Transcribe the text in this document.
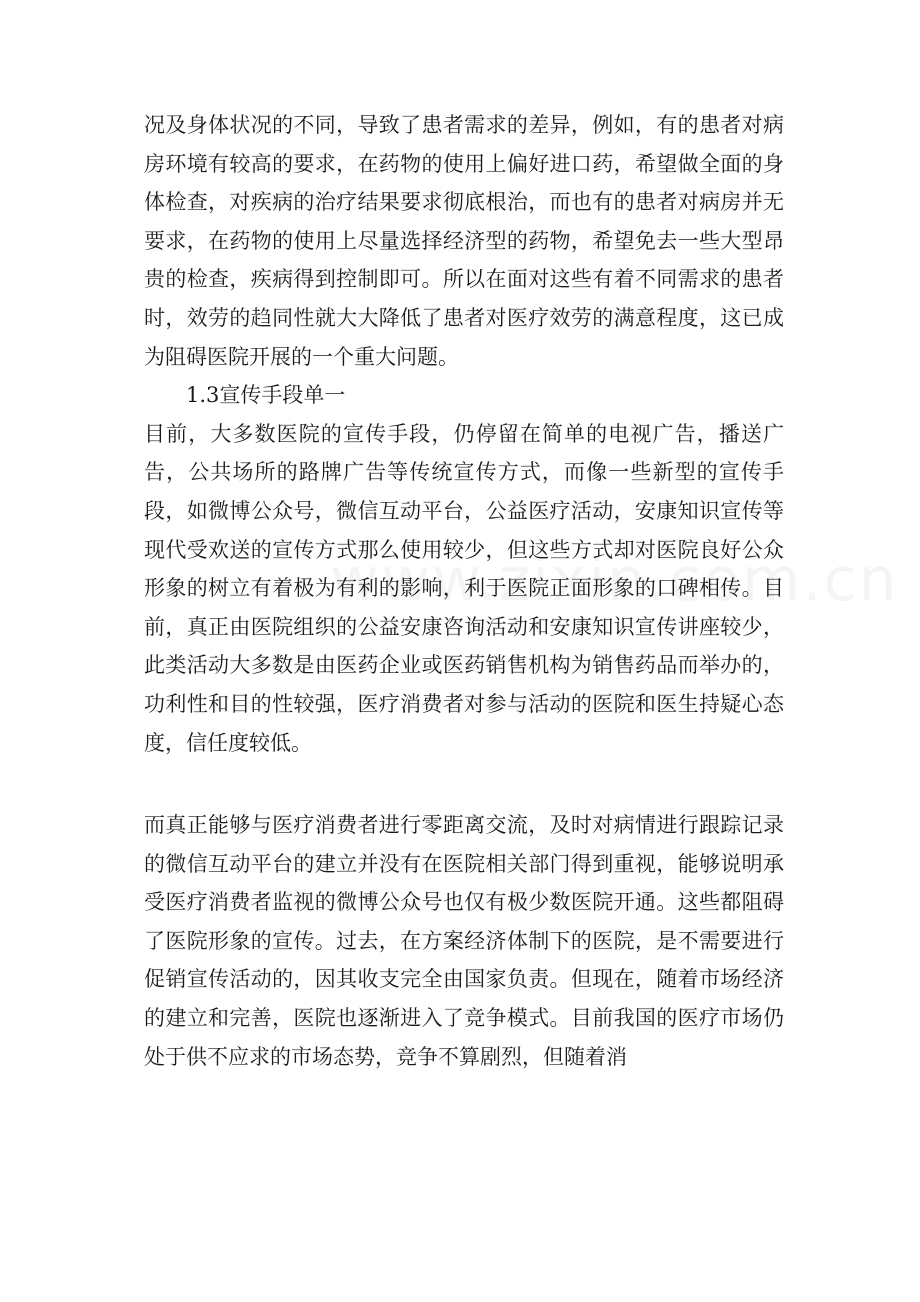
况及身体状况的不同，导致了患者需求的差异，例如，有的患者对病房环境有较高的要求，在药物的使用上偏好进口药，希望做全面的身体检查，对疾病的治疗结果要求彻底根治，而也有的患者对病房并无要求，在药物的使用上尽量选择经济型的药物，希望免去一些大型昂贵的检查，疾病得到控制即可。所以在面对这些有着不同需求的患者时，效劳的趋同性就大大降低了患者对医疗效劳的满意程度，这已成为阻碍医院开展的一个重大问题。

1.3宣传手段单一

目前，大多数医院的宣传手段，仍停留在简单的电视广告，播送广告，公共场所的路牌广告等传统宣传方式，而像一些新型的宣传手段，如微博公众号，微信互动平台，公益医疗活动，安康知识宣传等现代受欢送的宣传方式那么使用较少，但这些方式却对医院良好公众形象的树立有着极为有利的影响，利于医院正面形象的口碑相传。目前，真正由医院组织的公益安康咨询活动和安康知识宣传讲座较少，此类活动大多数是由医药企业或医药销售机构为销售药品而举办的，功利性和目的性较强，医疗消费者对参与活动的医院和医生持疑心态度，信任度较低。

而真正能够与医疗消费者进行零距离交流，及时对病情进行跟踪记录的微信互动平台的建立并没有在医院相关部门得到重视，能够说明承受医疗消费者监视的微博公众号也仅有极少数医院开通。这些都阻碍了医院形象的宣传。过去，在方案经济体制下的医院，是不需要进行促销宣传活动的，因其收支完全由国家负责。但现在，随着市场经济的建立和完善，医院也逐渐进入了竞争模式。目前我国的医疗市场仍处于供不应求的市场态势，竞争不算剧烈，但随着消
